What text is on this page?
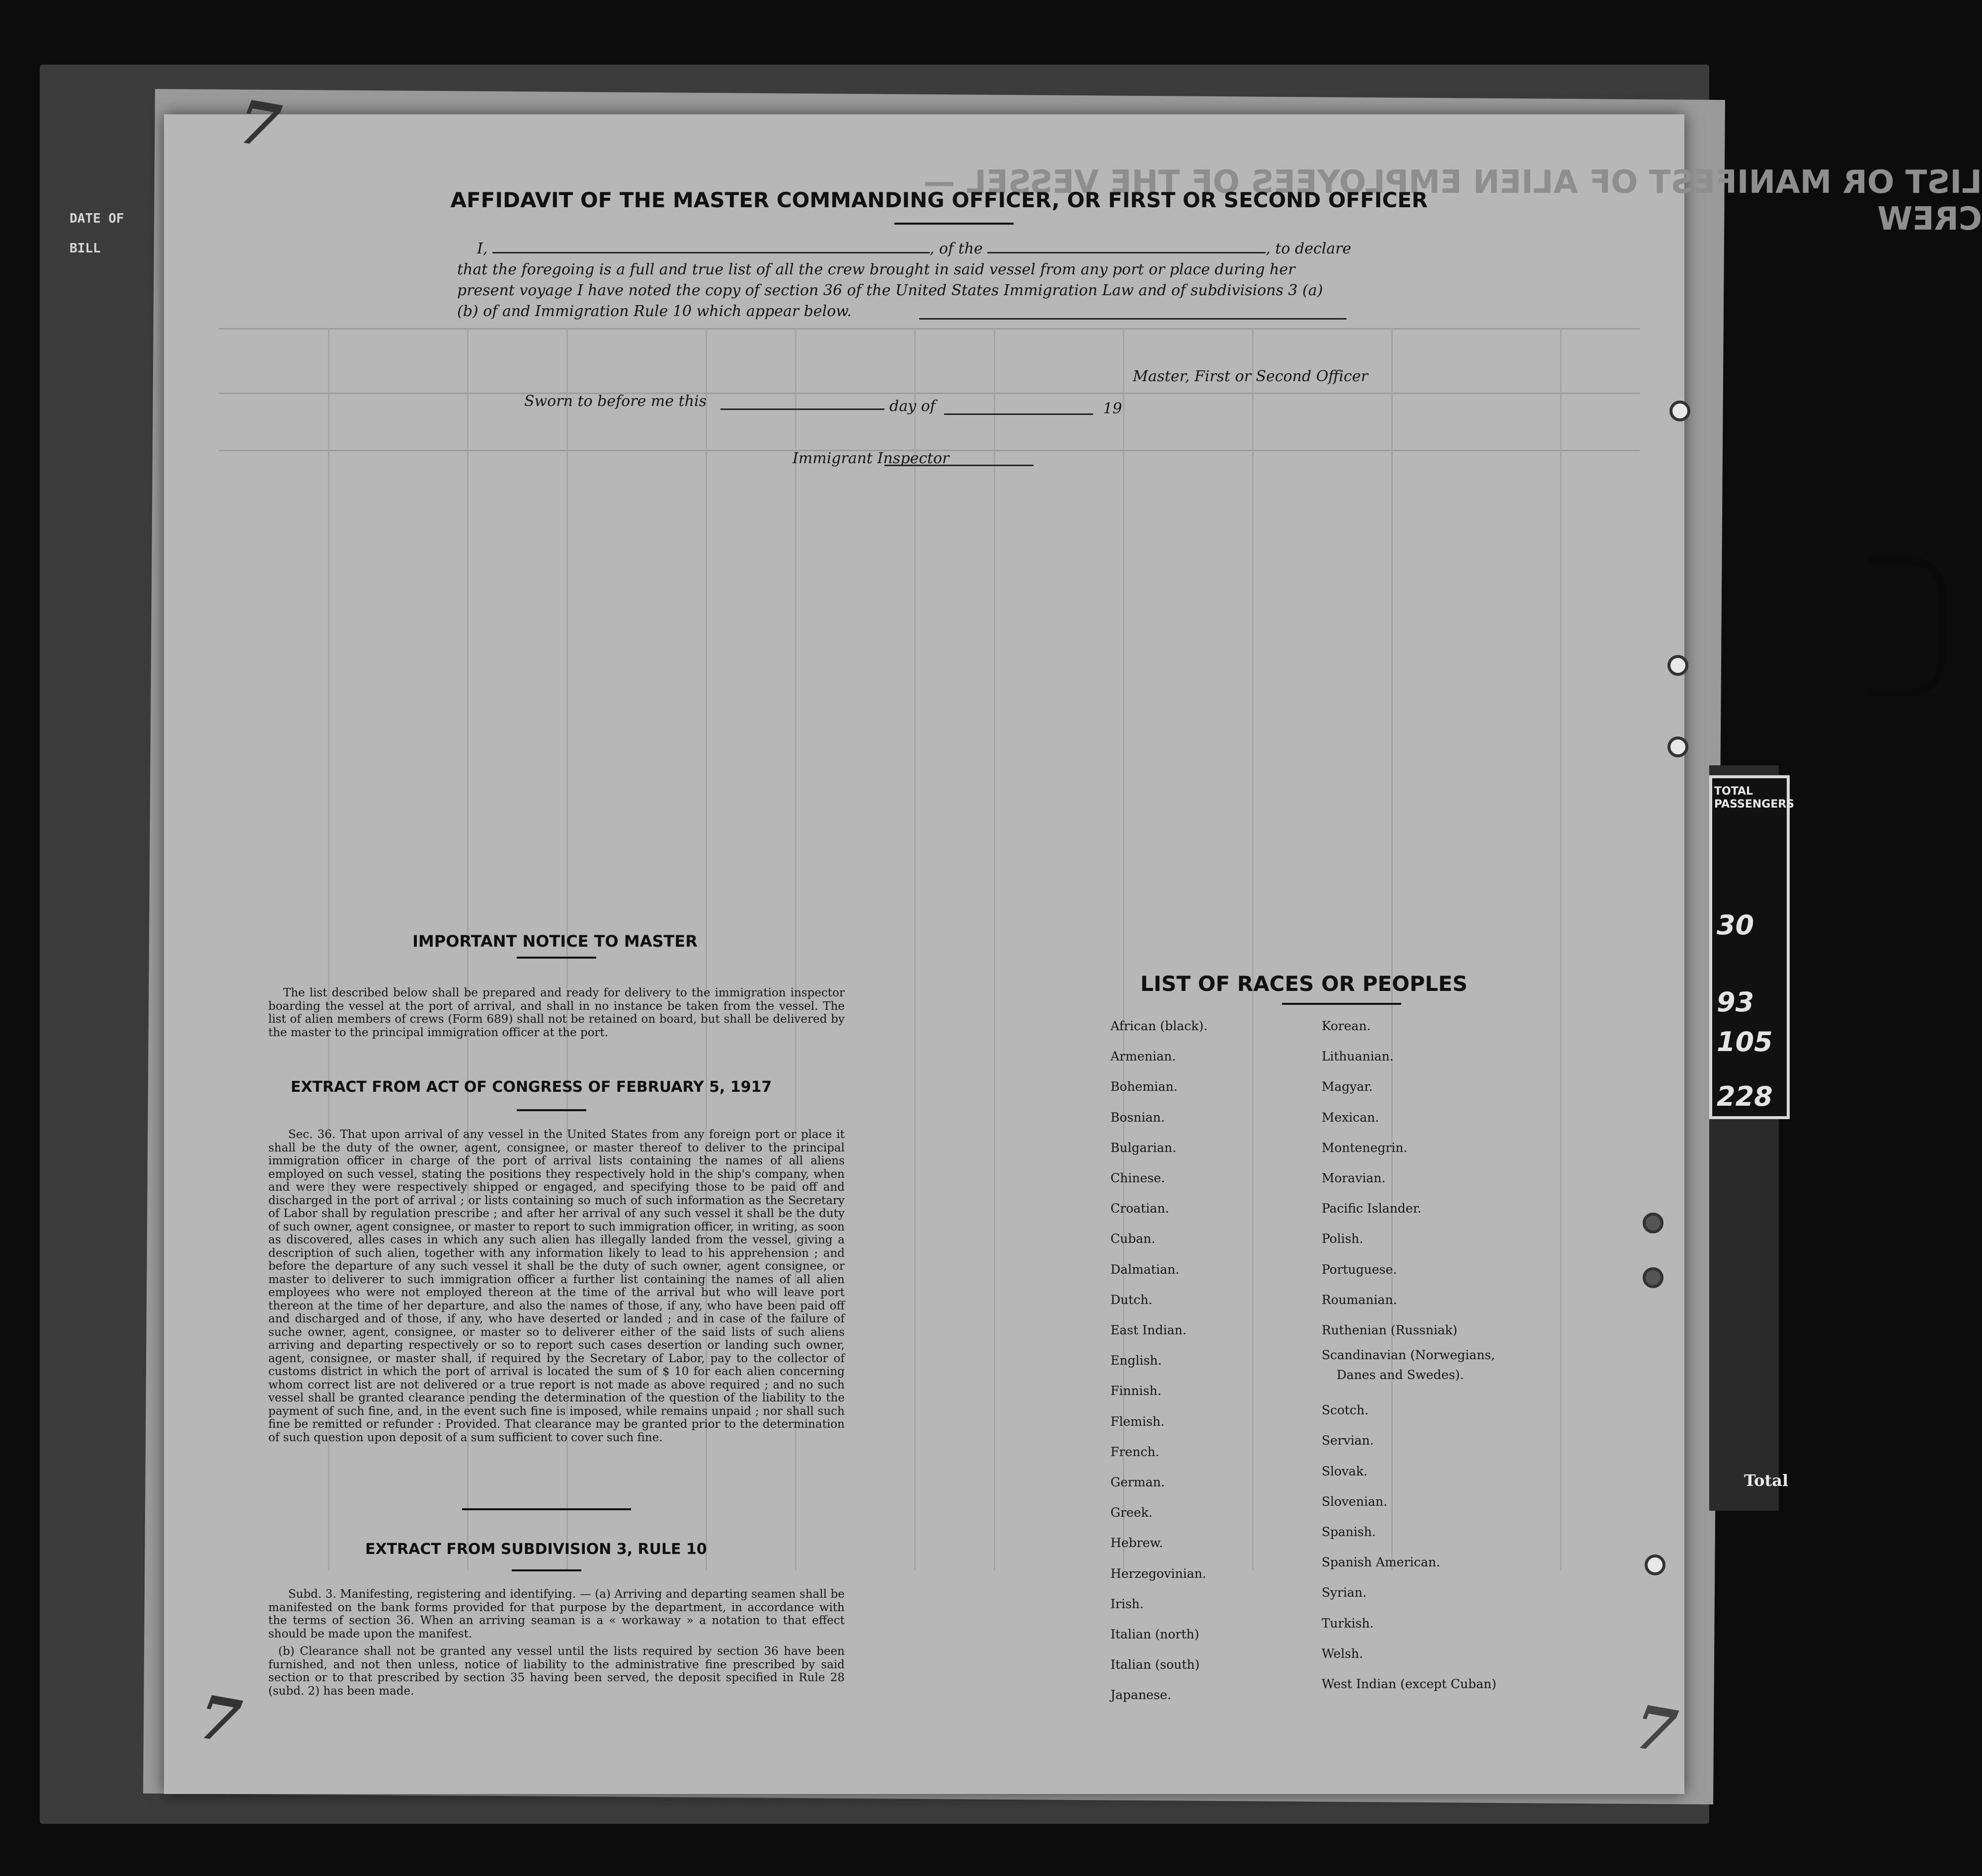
DATE OF
BILL
7
7	7
LIST OR MANIFEST OF ALIEN EMPLOYEES OF THE VESSEL — CREW
TOTAL PASSENGERS
30
93
105
228
Total
AFFIDAVIT OF THE MASTER COMMANDING OFFICER, OR FIRST OR SECOND OFFICER
I,	, of the	, to declare
that the foregoing is a full and true list of all the crew brought in said vessel from any port or place during her
present voyage I have noted the copy of section 36 of the United States Immigration Law and of subdivisions 3 (a)
(b) of and Immigration Rule 10 which appear below.
Master, First or Second Officer
Sworn to before me this	day of	19
Immigrant Inspector
IMPORTANT NOTICE TO MASTER
The list described below shall be prepared and ready for delivery to the immigration inspector boarding the vessel at the port of arrival, and shall in no instance be taken from the vessel. The list of alien members of crews (Form 689) shall not be retained on board, but shall be delivered by the master to the principal immigration officer at the port.
EXTRACT FROM ACT OF CONGRESS OF FEBRUARY 5, 1917
Sec. 36. That upon arrival of any vessel in the United States from any foreign port or place it shall be the duty of the owner, agent, consignee, or master thereof to deliver to the principal immigration officer in charge of the port of arrival lists containing the names of all aliens employed on such vessel, stating the positions they respectively hold in the ship's company, when and were they were respectively shipped or engaged, and specifying those to be paid off and discharged in the port of arrival ; or lists containing so much of such information as the Secretary of Labor shall by regulation prescribe ; and after her arrival of any such vessel it shall be the duty of such owner, agent consignee, or master to report to such immigration officer, in writing, as soon as discovered, alles cases in which any such alien has illegally landed from the vessel, giving a description of such alien, together with any information likely to lead to his apprehension ; and before the departure of any such vessel it shall be the duty of such owner, agent consignee, or master to deliverer to such immigration officer a further list containing the names of all alien employees who were not employed thereon at the time of the arrival but who will leave port thereon at the time of her departure, and also the names of those, if any, who have been paid off and discharged and of those, if any, who have deserted or landed ; and in case of the failure of suche owner, agent, consignee, or master so to deliverer either of the said lists of such aliens arriving and departing respectively or so to report such cases desertion or landing such owner, agent, consignee, or master shall, if required by the Secretary of Labor, pay to the collector of customs district in which the port of arrival is located the sum of $ 10 for each alien concerning whom correct list are not delivered or a true report is not made as above required ; and no such vessel shall be granted clearance pending the determination of the question of the liability to the payment of such fine, and, in the event such fine is imposed, while remains unpaid ; nor shall such fine be remitted or refunder : Provided. That clearance may be granted prior to the determination of such question upon deposit of a sum sufficient to cover such fine.
EXTRACT FROM SUBDIVISION 3, RULE 10
Subd. 3. Manifesting, registering and identifying. — (a) Arriving and departing seamen shall be manifested on the bank forms provided for that purpose by the department, in accordance with the terms of section 36. When an arriving seaman is a « workaway » a notation to that effect should be made upon the manifest.
(b) Clearance shall not be granted any vessel until the lists required by section 36 have been furnished, and not then unless, notice of liability to the administrative fine prescribed by said section or to that prescribed by section 35 having been served, the deposit specified in Rule 28 (subd. 2) has been made.
LIST OF RACES OR PEOPLES
African (black).
Armenian.
Bohemian.
Bosnian.
Bulgarian.
Chinese.
Croatian.
Cuban.
Dalmatian.
Dutch.
East Indian.
English.
Finnish.
Flemish.
French.
German.
Greek.
Hebrew.
Herzegovinian.
Irish.
Italian (north)
Italian (south)
Japanese.
Korean.
Lithuanian.
Magyar.
Mexican.
Montenegrin.
Moravian.
Pacific Islander.
Polish.
Portuguese.
Roumanian.
Ruthenian (Russniak)
Scandinavian (Norwegians,
Danes and Swedes).
Scotch.
Servian.
Slovak.
Slovenian.
Spanish.
Spanish American.
Syrian.
Turkish.
Welsh.
West Indian (except Cuban)
